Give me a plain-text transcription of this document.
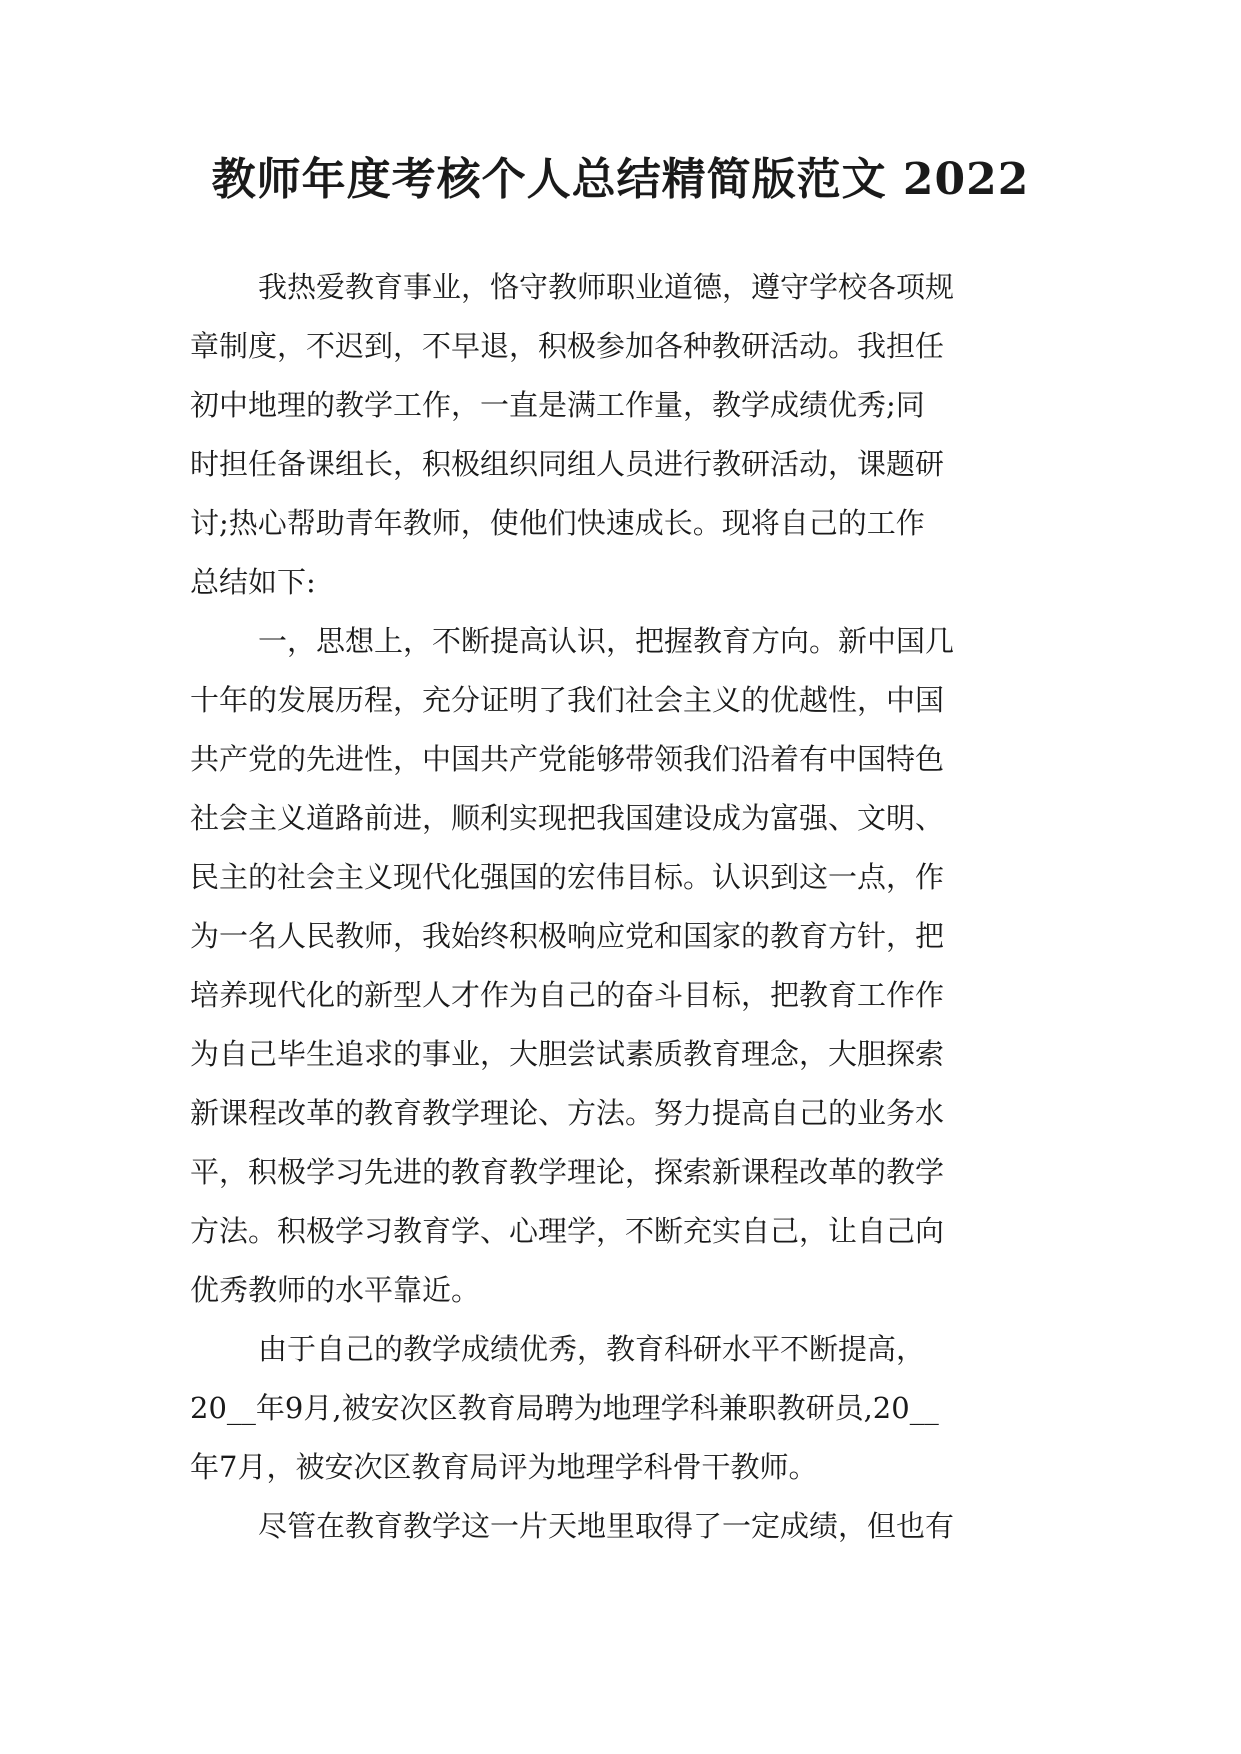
教师年度考核个人总结精简版范文 2022

我热爱教育事业，恪守教师职业道德，遵守学校各项规

章制度，不迟到，不早退，积极参加各种教研活动。我担任

初中地理的教学工作，一直是满工作量，教学成绩优秀;同

时担任备课组长，积极组织同组人员进行教研活动，课题研

讨;热心帮助青年教师，使他们快速成长。现将自己的工作

总结如下:

一，思想上，不断提高认识，把握教育方向。新中国几

十年的发展历程，充分证明了我们社会主义的优越性，中国

共产党的先进性，中国共产党能够带领我们沿着有中国特色

社会主义道路前进，顺利实现把我国建设成为富强、文明、

民主的社会主义现代化强国的宏伟目标。认识到这一点，作

为一名人民教师，我始终积极响应党和国家的教育方针，把

培养现代化的新型人才作为自己的奋斗目标，把教育工作作

为自己毕生追求的事业，大胆尝试素质教育理念，大胆探索

新课程改革的教育教学理论、方法。努力提高自己的业务水

平，积极学习先进的教育教学理论，探索新课程改革的教学

方法。积极学习教育学、心理学，不断充实自己，让自己向

优秀教师的水平靠近。

由于自己的教学成绩优秀，教育科研水平不断提高，

20__年9月,被安次区教育局聘为地理学科兼职教研员,20__

年7月，被安次区教育局评为地理学科骨干教师。

尽管在教育教学这一片天地里取得了一定成绩，但也有
